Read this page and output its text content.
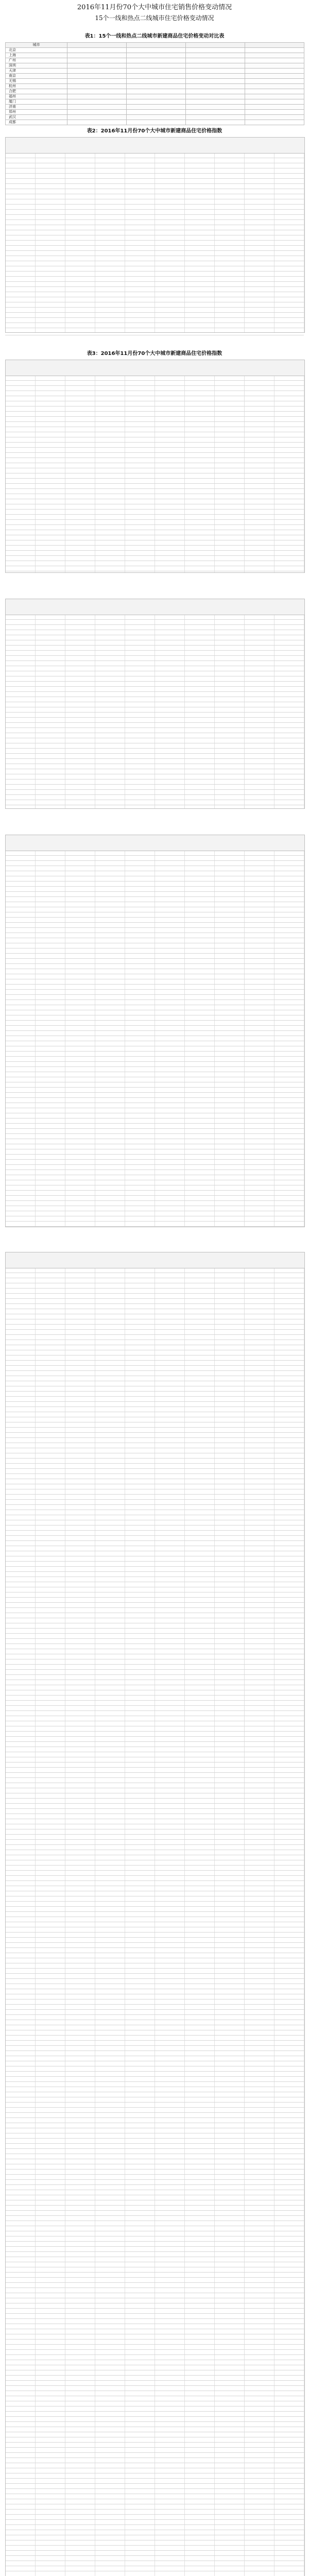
2016年11月份70个大中城市住宅销售价格变动情况
15个一线和热点二线城市住宅价格变动情况
表1：15个一线和热点二线城市新建商品住宅价格变动对比表
城市				
北京				
上海				
广州				
深圳				
天津				
南京				
无锡				
杭州				
合肥				
福州				
厦门				
济南				
郑州				
武汉				
成都				
表2：2016年11月份70个大中城市新建商品住宅价格指数
表3：2016年11月份70个大中城市新建商品住宅价格指数
